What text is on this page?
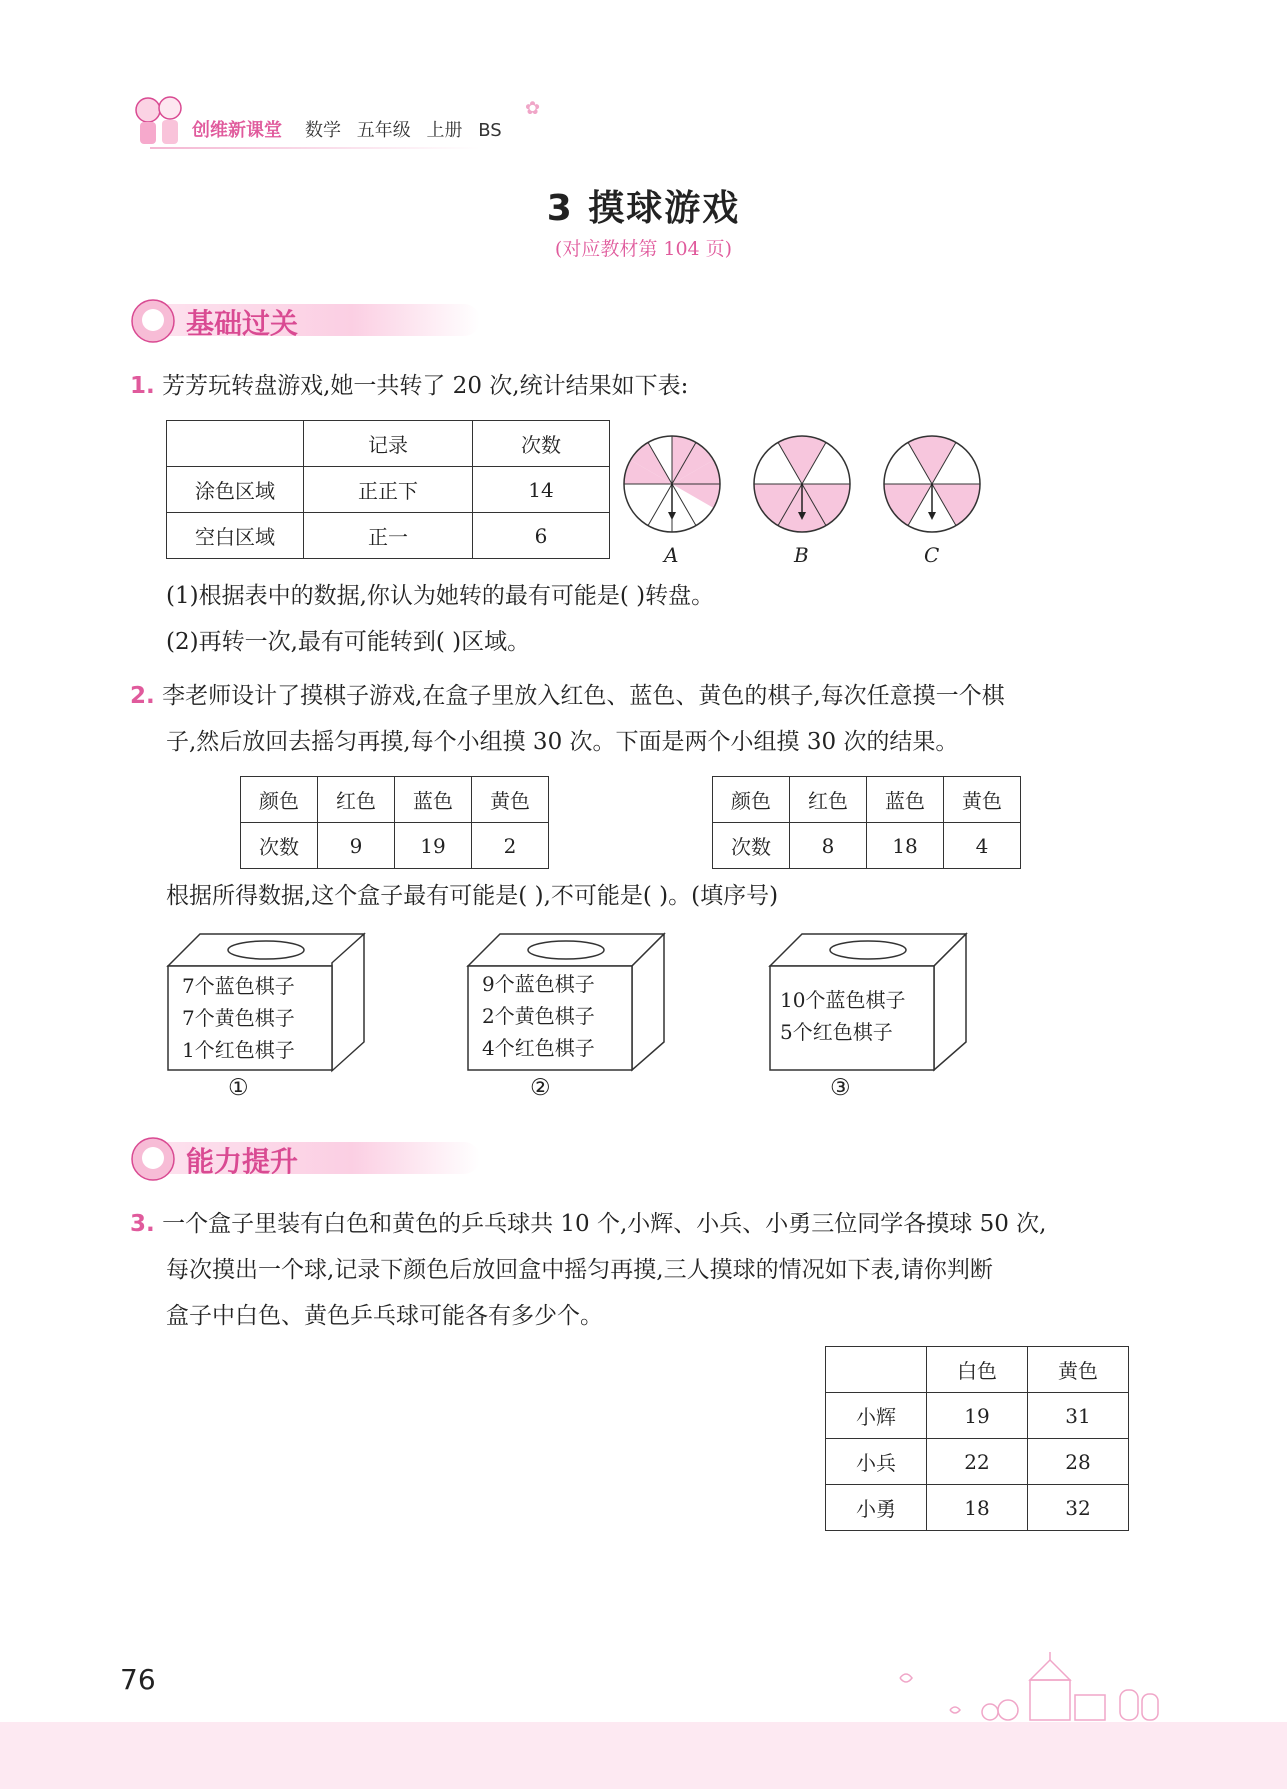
创维新课堂 数学 五年级 上册 BS
✿
3 摸球游戏
(对应教材第 104 页)
基础过关
1. 芳芳玩转盘游戏,她一共转了 20 次,统计结果如下表:
	记录	次数
涂色区域	正正下	14
空白区域	正一	6
A	B	C
(1)根据表中的数据,你认为她转的最有可能是( )转盘。
(2)再转一次,最有可能转到( )区域。
2. 李老师设计了摸棋子游戏,在盒子里放入红色、蓝色、黄色的棋子,每次任意摸一个棋
子,然后放回去摇匀再摸,每个小组摸 30 次。下面是两个小组摸 30 次的结果。
颜色	红色	蓝色	黄色
次数	9	19	2
颜色	红色	蓝色	黄色
次数	8	18	4
根据所得数据,这个盒子最有可能是( ),不可能是( )。(填序号)
7个蓝色棋子
7个黄色棋子
1个红色棋子
9个蓝色棋子
2个黄色棋子
4个红色棋子
10个蓝色棋子
5个红色棋子
①	②	③
能力提升
3. 一个盒子里装有白色和黄色的乒乓球共 10 个,小辉、小兵、小勇三位同学各摸球 50 次,
每次摸出一个球,记录下颜色后放回盒中摇匀再摸,三人摸球的情况如下表,请你判断
盒子中白色、黄色乒乓球可能各有多少个。
	白色	黄色
小辉	19	31
小兵	22	28
小勇	18	32
76
